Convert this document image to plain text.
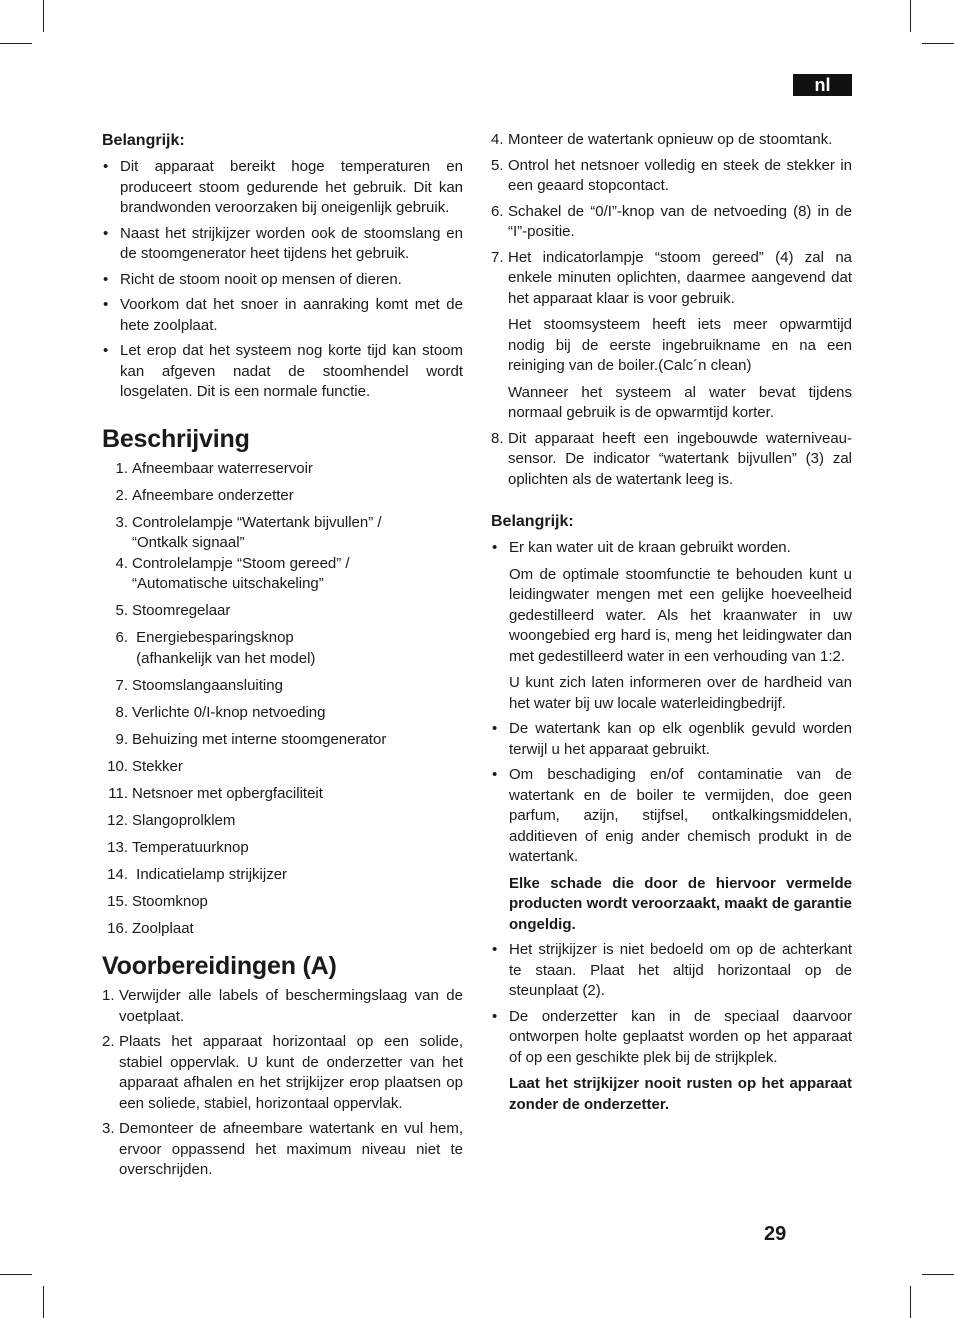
nl
Belangrijk:
• Dit apparaat bereikt hoge temperaturen en produceert stoom gedurende het gebruik. Dit kan brandwonden veroorzaken bij oneigenlijk gebruik.
• Naast het strijkijzer worden ook de stoomslang en de stoomgenerator heet tijdens het gebruik.
• Richt de stoom nooit op mensen of dieren.
• Voorkom dat het snoer in aanraking komt met de hete zoolplaat.
• Let erop dat het systeem nog korte tijd kan stoom kan afgeven nadat de stoomhendel wordt losgelaten. Dit is een normale functie.
Beschrijving
1. Afneembaar waterreservoir
2. Afneembare onderzetter
3. Controlelampje “Watertank bijvullen” /
“Ontkalk signaal”
4. Controlelampje “Stoom gereed” /
“Automatische uitschakeling”
5. Stoomregelaar
6. Energiebesparingsknop
(afhankelijk van het model)
7. Stoomslangaansluiting
8. Verlichte 0/I-knop netvoeding
9. Behuizing met interne stoomgenerator
10. Stekker
11. Netsnoer met opbergfaciliteit
12. Slangoprolklem
13. Temperatuurknop
14. Indicatielamp strijkijzer
15. Stoomknop
16. Zoolplaat
Voorbereidingen (A)
1. Verwijder alle labels of beschermingslaag van de voetplaat.
2. Plaats het apparaat horizontaal op een solide, stabiel oppervlak. U kunt de onderzetter van het apparaat afhalen en het strijkijzer erop plaatsen op een soliede, stabiel, horizontaal oppervlak.
3. Demonteer de afneembare watertank en vul hem, ervoor oppassend het maximum niveau niet te overschrijden.
4. Monteer de watertank opnieuw op de stoomtank.

5. Ontrol het netsnoer volledig en steek de stekker in een geaard stopcontact.

6. Schakel de “0/I”-knop van de netvoeding (8) in de “I”-positie.

7. Het indicatorlampje “stoom gereed” (4) zal na enkele minuten oplichten, daarmee aangevend dat het apparaat klaar is voor gebruik.

Het stoomsysteem heeft iets meer opwarmtijd nodig bij de eerste ingebruikname en na een reiniging van de boiler.(Calc´n clean)

Wanneer het systeem al water bevat tijdens normaal gebruik is de opwarmtijd korter.

8. Dit apparaat heeft een ingebouwde waterniveau-sensor. De indicator “watertank bijvullen” (3) zal oplichten als de watertank leeg is.

Belangrijk:

• Er kan water uit de kraan gebruikt worden.

Om de optimale stoomfunctie te behouden kunt u leidingwater mengen met een gelijke hoeveelheid gedestilleerd water. Als het kraanwater in uw woongebied erg hard is, meng het leidingwater dan met gedestilleerd water in een verhouding van 1:2.

U kunt zich laten informeren over de hardheid van het water bij uw locale waterleidingbedrijf.

• De watertank kan op elk ogenblik gevuld worden terwijl u het apparaat gebruikt.

• Om beschadiging en/of contaminatie van de watertank en de boiler te vermijden, doe geen parfum, azijn, stijfsel, ontkalkingsmiddelen, additieven of enig ander chemisch produkt in de watertank.

Elke schade die door de hiervoor vermelde producten wordt veroorzaakt, maakt de garantie ongeldig.

• Het strijkijzer is niet bedoeld om op de achterkant te staan. Plaat het altijd horizontaal op de steunplaat (2).

• De onderzetter kan in de speciaal daarvoor ontworpen holte geplaatst worden op het apparaat of op een geschikte plek bij de strijkplek.

Laat het strijkijzer nooit rusten op het apparaat zonder de onderzetter.

29
